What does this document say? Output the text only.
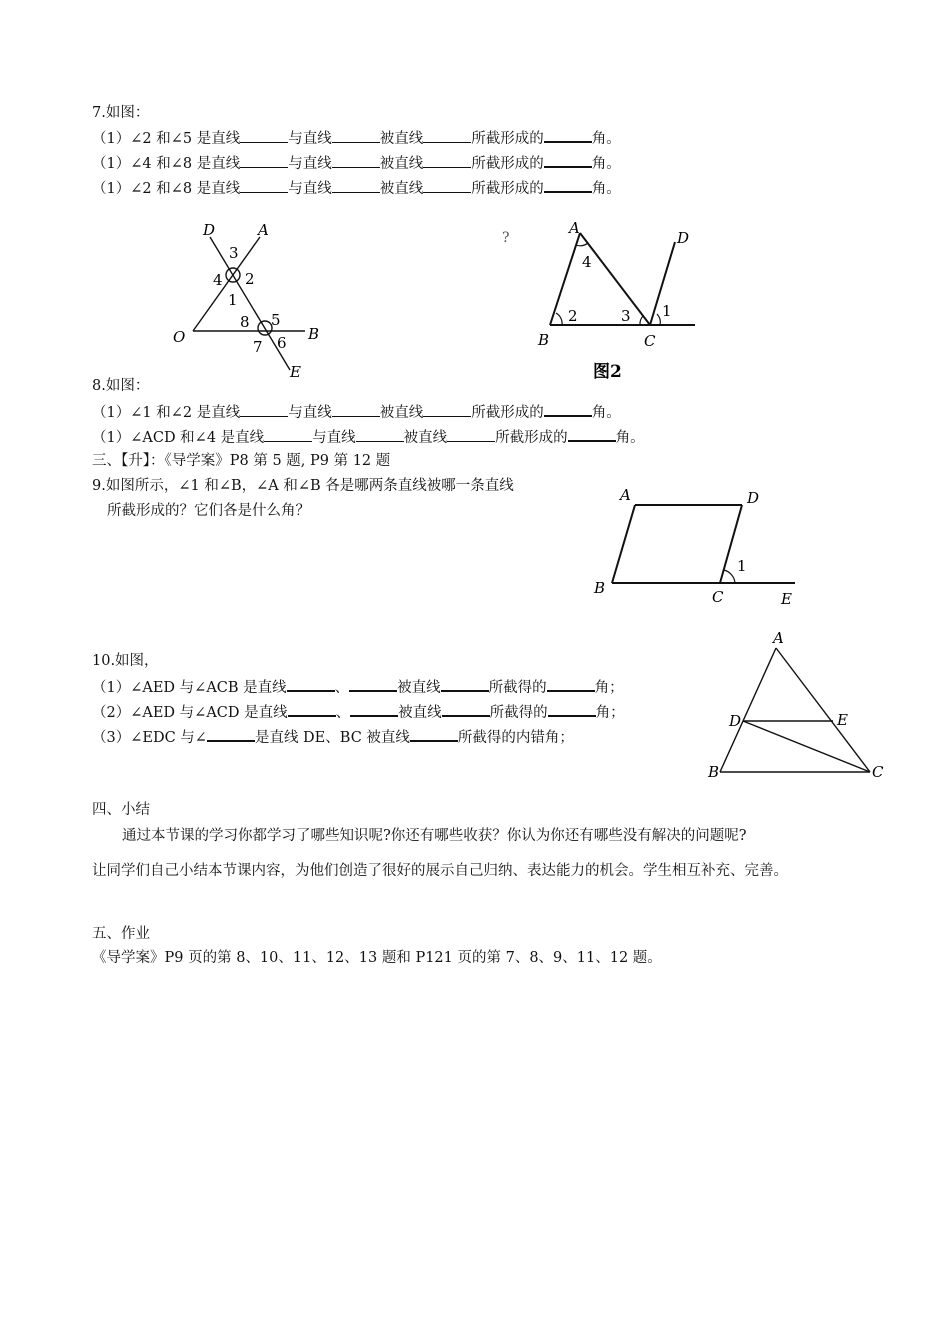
7.如图：
（1）∠2 和∠5 是直线	与直线	被直线	所截形成的	角。
（1）∠4 和∠8 是直线	与直线	被直线	所截形成的	角。
（1）∠2 和∠8 是直线	与直线	被直线	所截形成的	角。
D	A
O	B
E
3
2
4
1
5
8
7 6
?
A
D
B	C
4
2	3 1
图2
8.如图：
（1）∠1 和∠2 是直线	与直线	被直线	所截形成的	角。
（1）∠ACD 和∠4 是直线	与直线	被直线	所截形成的	角。
三、【升】：《导学案》P8 第 5 题, P9 第 12 题
9.如图所示，∠1 和∠B，∠A 和∠B 各是哪两条直线被哪一条直线
所截形成的？它们各是什么角？
A	D
B	C	E
1
10.如图，
（1）∠AED 与∠ACB 是直线	、	被直线	所截得的	角；
（2）∠AED 与∠ACD 是直线	、	被直线	所截得的	角；
（3）∠EDC 与∠	是直线 DE、BC 被直线	所截得的内错角；
A
D	E
B	C
四、小结
通过本节课的学习你都学习了哪些知识呢?你还有哪些收获？你认为你还有哪些没有解决的问题呢?
让同学们自己小结本节课内容，为他们创造了很好的展示自己归纳、表达能力的机会。学生相互补充、完善。
五、作业
《导学案》P9 页的第 8、10、11、12、13 题和 P121 页的第 7、8、9、11、12 题。
